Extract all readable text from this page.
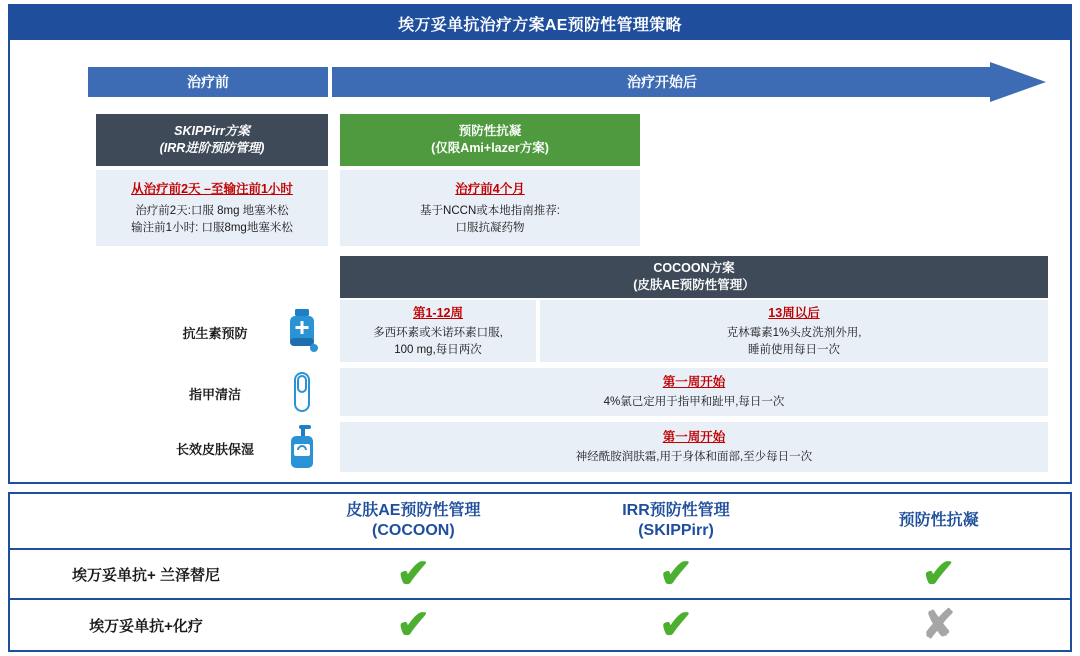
埃万妥单抗治疗方案AE预防性管理策略
治疗前	治疗开始后
SKIPPirr方案
(IRR进阶预防管理)
从治疗前2天 –至输注前1小时
治疗前2天:口服 8mg 地塞米松
输注前1小时: 口服8mg地塞米松
预防性抗凝
(仅限Ami+lazer方案)
治疗前4个月
基于NCCN或本地指南推荐:
口服抗凝药物
COCOON方案
(皮肤AE预防性管理）
抗生素预防
第1-12周
多西环素或米诺环素口服,
100 mg,每日两次
13周以后
克林霉素1%头皮洗剂外用,
睡前使用每日一次
指甲清洁
第一周开始
4%氯己定用于指甲和趾甲,每日一次
长效皮肤保湿
第一周开始
神经酰胺润肤霜,用于身体和面部,至少每日一次
皮肤AE预防性管理
(COCOON)
IRR预防性管理
(SKIPPirr)
预防性抗凝
埃万妥单抗+ 兰泽替尼	✔	✔	✔
埃万妥单抗+化疗	✔	✔	✘
